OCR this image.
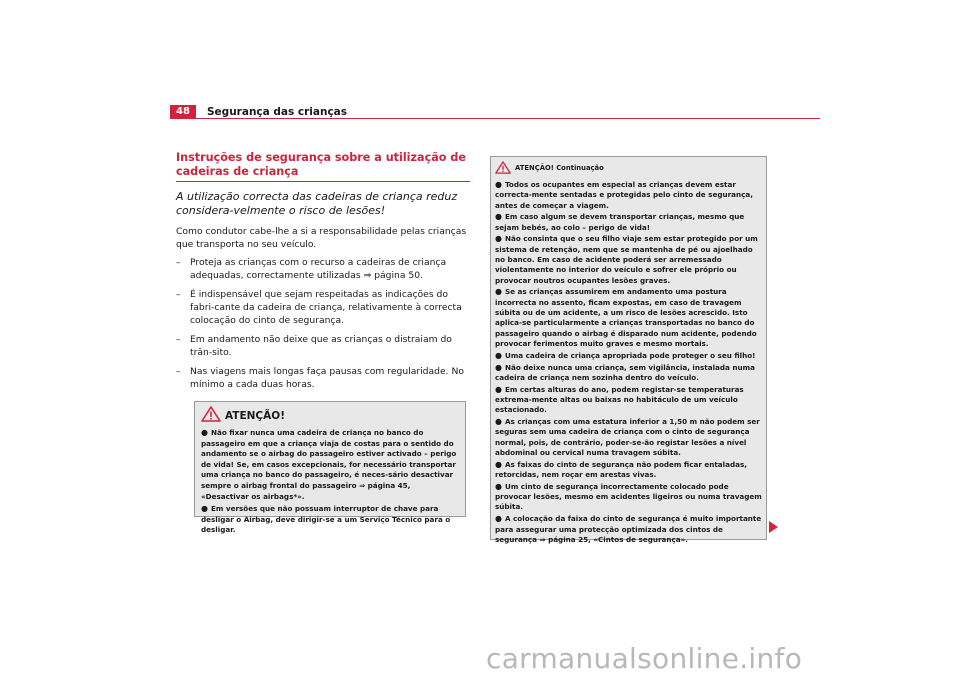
48	Segurança das crianças
Instruções de segurança sobre a utilização de cadeiras de criança

A utilização correcta das cadeiras de criança reduz considera-velmente o risco de lesões!

Como condutor cabe-lhe a si a responsabilidade pelas crianças que transporta no seu veículo.

– Proteja as crianças com o recurso a cadeiras de criança adequadas, correctamente utilizadas ⇒ página 50.
– É indispensável que sejam respeitadas as indicações do fabri-cante da cadeira de criança, relativamente à correcta colocação do cinto de segurança.
– Em andamento não deixe que as crianças o distraiam do trân-sito.
– Nas viagens mais longas faça pausas com regularidade. No mínimo a cada duas horas.
ATENÇÃO!

● Não fixar nunca uma cadeira de criança no banco do passageiro em que a criança viaja de costas para o sentido do andamento se o airbag do passageiro estiver activado – perigo de vida! Se, em casos excepcionais, for necessário transportar uma criança no banco do passageiro, é neces-sário desactivar sempre o airbag frontal do passageiro ⇒ página 45, «Desactivar os airbags*».

● Em versões que não possuam interruptor de chave para desligar o Airbag, deve dirigir-se a um Serviço Técnico para o desligar.

ATENÇÃO! Continuação

● Todos os ocupantes em especial as crianças devem estar correcta-mente sentadas e protegidas pelo cinto de segurança, antes de começar a viagem.

● Em caso algum se devem transportar crianças, mesmo que sejam bebés, ao colo – perigo de vida!

● Não consinta que o seu filho viaje sem estar protegido por um sistema de retenção, nem que se mantenha de pé ou ajoelhado no banco. Em caso de acidente poderá ser arremessado violentamente no interior do veículo e sofrer ele próprio ou provocar noutros ocupantes lesões graves.

● Se as crianças assumirem em andamento uma postura incorrecta no assento, ficam expostas, em caso de travagem súbita ou de um acidente, a um risco de lesões acrescido. Isto aplica-se particularmente a crianças transportadas no banco do passageiro quando o airbag é disparado num acidente, podendo provocar ferimentos muito graves e mesmo mortais.

● Uma cadeira de criança apropriada pode proteger o seu filho!

● Não deixe nunca uma criança, sem vigilância, instalada numa cadeira de criança nem sozinha dentro do veículo.

● Em certas alturas do ano, podem registar-se temperaturas extrema-mente altas ou baixas no habitáculo de um veículo estacionado.

● As crianças com uma estatura inferior a 1,50 m não podem ser seguras sem uma cadeira de criança com o cinto de segurança normal, pois, de contrário, poder-se-ão registar lesões a nível abdominal ou cervical numa travagem súbita.

● As faixas do cinto de segurança não podem ficar entaladas, retorcidas, nem roçar em arestas vivas.

● Um cinto de segurança incorrectamente colocado pode provocar lesões, mesmo em acidentes ligeiros ou numa travagem súbita.

● A colocação da faixa do cinto de segurança é muito importante para assegurar uma protecção optimizada dos cintos de segurança ⇒ página 25, «Cintos de segurança».

carmanualsonline.info
